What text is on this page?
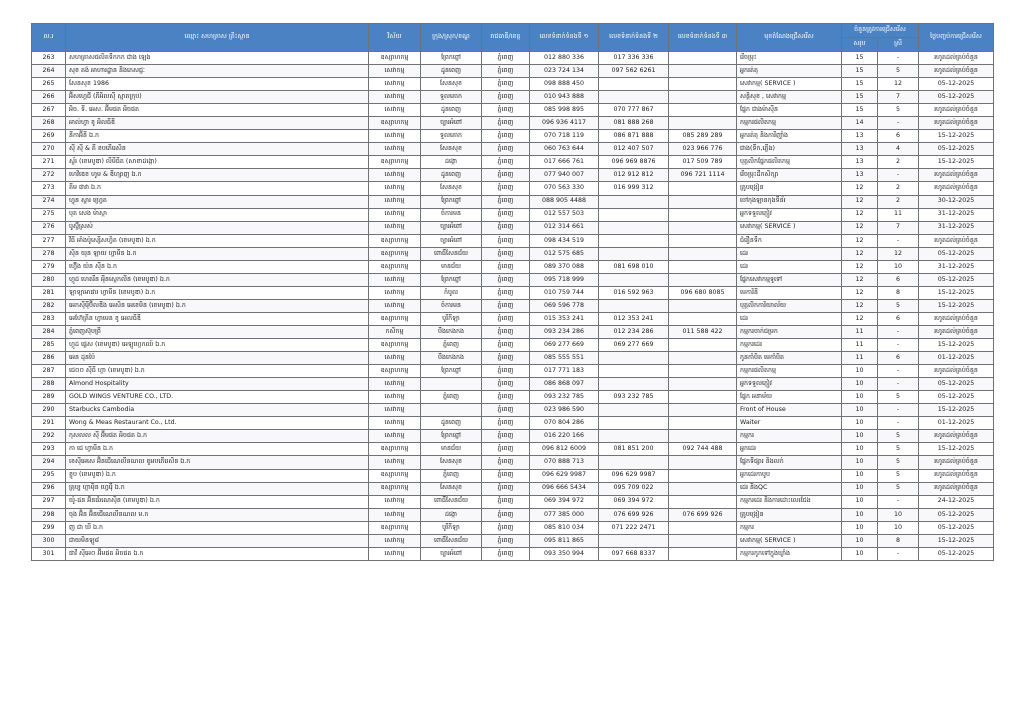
ល.រ	ឈ្មោះ សហគ្រាស គ្រឹះស្ថាន	វិស័យ	ក្រុង/ស្រុក/ខណ្ឌ	រាជធានី/ខេត្ត	លេខទំនាក់ទំនងទី ១	លេខទំនាក់ទំនងទី ២	លេខទំនាក់ទំនងទី ៣	មុខតំណែងជ្រើសរើស	ចំនួនត្រូវការជ្រើសរើស		ថ្ងៃបញ្ចប់ការជ្រើសរើស
									សរុប	ស្រី	
263	សហគ្រាសផលិតទឹកកក ជាង ឡេង	ឧស្សាហកម្ម	ព្រែកព្នៅ	ភ្នំពេញ	012 880 336	017 336 336		រើចម្រុះ	15	-	រហូតដល់គ្រប់ចំនួន
264	សុខ គង់ អាហារដ្ឋាន និងភេសជ្ជៈ	សេវាកម្ម	ដូនពេញ	ភ្នំពេញ	023 724 134	097 562 6261		អ្នករត់តុ	15	5	រហូតដល់គ្រប់ចំនួន
265	សែនសុខ 1986	សេវាកម្ម	សែនសុខ	ភ្នំពេញ	098 888 450			សេវាកម្ម( SERVICE )	15	12	05-12-2025
266	អ៊ីសហ្គេជី (ភីអិលស៊ី ស្មាតក្រុប)	សេវាកម្ម	ទួលគោក	ភ្នំពេញ	010 943 888			សន្តិសុខ , សេវាកម្ម	15	7	05-12-2025
267	អិច. ទី. អេស. អ៊ីមផត អិចផត	សេវាកម្ម	ដូនពេញ	ភ្នំពេញ	085 998 895	070 777 867		ផ្នែក ជាងម៉ាស៊ីន	15	5	រហូតដល់គ្រប់ចំនួន
268	អាល់ហ្វា ខូ អិលធីឌី	ឧស្សាហកម្ម	ច្បារអំពៅ	ភ្នំពេញ	096 936 4117	081 888 268		កម្មករផលិតកម្ម	14	-	រហូតដល់គ្រប់ចំនួន
269	នីកាអ៊ីនី ឯ.ក	សេវាកម្ម	ទួលគោក	ភ្នំពេញ	070 718 119	086 871 888	085 289 289	អ្នករត់តុ និងការីញ៉ាំង	13	6	15-12-2025
270	ស៊ី ស៊ី & គី ខបភើរេសិន	សេវាកម្ម	សែនសុខ	ភ្នំពេញ	060 763 644	012 407 507	023 966 776	ជាង(ទឹក,ភ្លើង)	13	4	05-12-2025
271	ស្ទ័រ (ខេមបូឌា) លីមីធីត (សាខាដង្កោ)	ឧស្សាហកម្ម	ដង្កោ	ភ្នំពេញ	017 666 761	096 969 8876	017 509 789	បុគ្គលិកផ្នែកផលិតកម្ម	13	2	15-12-2025
272	ហេវិឌេខ ហូម & ឌីហ្សាញ ឯ.ក	សេវាកម្ម	ដូនពេញ	ភ្នំពេញ	077 940 007	012 912 812	096 721 1114	រើចម្រុះដឹកសិក្សា	13	-	រហូតដល់គ្រប់ចំនួន
273	គីម ផាវា ឯ.ក	សេវាកម្ម	សែនសុខ	ភ្នំពេញ	070 563 330	016 999 312		គ្រូបង្រៀន	12	2	រហូតដល់គ្រប់ចំនួន
274	ហ្វុន ស្ទារ ហ្វ្រេត	សេវាកម្ម	ព្រែកព្នៅ	ភ្នំពេញ	088 905 4488			ចៅកុងឡានកុងទីន័រ	12	2	30-12-2025
275	បុត សេង ម៉ាស្កា	សេវាកម្ម	ចំការមន	ភ្នំពេញ	012 557 503			អ្នកទទួលភ្ញៀវ	12	11	31-12-2025
276	បូស្ទ៊ីស្រស់	សេវាកម្ម	ច្បារអំពៅ	ភ្នំពេញ	012 314 661			សេវាកម្ម( SERVICE )	12	7	31-12-2025
277	វីធី អាំងប៉ូស្សើសហ្វិត (ខេមបូឌា) ឯ.ក	ឧស្សាហកម្ម	ច្បារអំពៅ	ភ្នំពេញ	098 434 519			ជំរឿនទឹក	12	-	រហូតដល់គ្រប់ចំនួន
278	ស៊ិន យុន ឡាយ ហ្វាមីន ឯ.ក	ឧស្សាហកម្ម	ពោធិ៍សែនជ័យ	ភ្នំពេញ	012 575 685			ដេរ	12	12	05-12-2025
279	ហ៊្វើង យ៉ន ស៊ីន ឯ.ក	ឧស្សាហកម្ម	មានជ័យ	ភ្នំពេញ	089 370 088	081 698 010		ដេរ	12	10	31-12-2025
280	ហ្គូដ ហេតរីន អុីនស្តេកលីន (ខេមបូឌា) ឯ.ក	សេវាកម្ម	ព្រែកព្នៅ	ភ្នំពេញ	095 718 999			ផ្នែកសេវាកម្មទូទៅ	12	6	05-12-2025
281	ឡាឡាអាផារ ហ្វាមីន (ខេមបូឌា) ឯ.ក	សេវាកម្ម	កំបូល	ភ្នំពេញ	010 759 744	016 592 963	096 680 8085	មេការិនី	12	8	15-12-2025
282	អេកស៊ីម៉ីប៊ីលឌីង អេសិន អេខេមិន (ខេមបូឌា) ឯ.ក	សេវាកម្ម	ចំការមន	ភ្នំពេញ	069 596 778			បុគ្គលិកការិយាល័យ	12	5	15-12-2025
283	អេហ៊ែគ្រីន ហ្វាមេន ខូ អេលធីឌី	ឧស្សាហកម្ម	បូរីកីឡា	ភ្នំពេញ	015 353 241	012 353 241		ដេរ	12	6	រហូតដល់គ្រប់ចំនួន
284	ភ្នំពេញស៊ុបព្រី	កសិកម្ម	បឹងកេងកង	ភ្នំពេញ	093 234 286	012 234 286	011 588 422	កម្មករចាក់ជម្រក	11	-	រហូតដល់គ្រប់ចំនួន
285	ហ្គូដ ផ្លេស (ខេមបូឌា) អេឡូហ្គេកឈ៍ ឯ.ក	ឧស្សាហកម្ម	ភ្នំពេញ	ភ្នំពេញ	069 277 669	069 277 669		កម្មករដេរ	11	-	15-12-2025
286	អេន ដុនប៉ៃ	សេវាកម្ម	បឹងកេងកង	ភ្នំពេញ	085 555 551			កូនកាំបិត មេកាំបិត	11	6	01-12-2025
287	ជេ០០ ស៊ីធី ហ្គា (ខេមបូឌា) ឯ.ក	ឧស្សាហកម្ម	ព្រែកព្នៅ	ភ្នំពេញ	017 771 183			កម្មករផលិតកម្ម	10	-	រហូតដល់គ្រប់ចំនួន
288	Almond Hospitality	សេវាកម្ម		ភ្នំពេញ	086 868 097			អ្នកទទួលភ្ញៀវ	10	-	05-12-2025
289	GOLD WINGS VENTURE CO., LTD.	សេវាកម្ម	ភ្នំពេញ	ភ្នំពេញ	093 232 785	093 232 785		ផ្នែក អនាម័យ	10	5	05-12-2025
290	Starbucks Cambodia	សេវាកម្ម		ភ្នំពេញ	023 986 590			Front of House	10	-	15-12-2025
291	Wong & Meas Restaurant Co., Ltd.	សេវាកម្ម	ដូនពេញ	ភ្នំពេញ	070 804 286			Waiter	10	-	01-12-2025
292	កុសលល ស៊ី អ៊ីមផត អិចផត ឯ.ក	សេវាកម្ម	ព្រែកព្នៅ	ភ្នំពេញ	016 220 166			កម្មករ	10	5	រហូតដល់គ្រប់ចំនួន
293	កា ជេ ហ្វាមីន ឯ.ក	ឧស្សាហកម្ម	មានជ័យ	ភ្នំពេញ	096 812 6009	081 851 200	092 744 488	អ្នកដេរ	10	5	15-12-2025
294	ខេស៊ីអេសេ អ៊ិនជើណេលីនណល ខូអបភើរេសិន ឯ.ក	សេវាកម្ម	សែនសុខ	ភ្នំពេញ	070 888 713			ផ្នែកទីផ្សារ និងលក់	10	5	រហូតដល់គ្រប់ចំនួន
295	ខ្លូប (ខេមបូឌា) ឯ.ក	ឧស្សាហកម្ម	ភ្នំពេញ	ភ្នំពេញ	096 629 9987	096 629 9987		អ្នកដេរកាបូប	10	5	រហូតដល់គ្រប់ចំនួន
296	គ្រុប្ប ហ្គាម៉ិន ហ្វេរ៉ើ ឯ.ក	ឧស្សាហកម្ម	សែនសុខ	ភ្នំពេញ	096 666 5434	095 709 022		ដេរ និងQC	10	5	រហូតដល់គ្រប់ចំនួន
297	យ៉ូ-ផន អ៊ិនផ័រណេស៊ិន (ខេមបូឌា) ឯ.ក	សេវាកម្ម	ពោធិ៍សែនជ័យ	ភ្នំពេញ	069 394 972	069 394 972		កម្មករដេរ និងការដោះលេរជែង	10	-	24-12-2025
298	ចុង អ៊ិន អ៊ិនជើណេលីនណល ម.ក	សេវាកម្ម	ដង្កោ	ភ្នំពេញ	077 385 000	076 699 926	076 699 926	គ្រូបង្រៀន	10	10	05-12-2025
299	ញ ជា ឃី ឯ.ក	ឧស្សាហកម្ម	បូរីកីឡា	ភ្នំពេញ	085 810 034	071 222 2471		កម្មករ	10	10	05-12-2025
300	ជាយមិនឡូ៨	សេវាកម្ម	ពោធិ៍សែនជ័យ	ភ្នំពេញ	095 811 865			សេវាកម្ម( SERVICE )	10	8	15-12-2025
301	ផាវី ស៊ីអេ០ អ៊ីមផត អិចផត ឯ.ក	សេវាកម្ម	ច្បារអំពៅ	ភ្នំពេញ	093 350 994	097 668 8337		កម្មករកូកទៅក្នុងឃ្លាំង	10	-	05-12-2025
